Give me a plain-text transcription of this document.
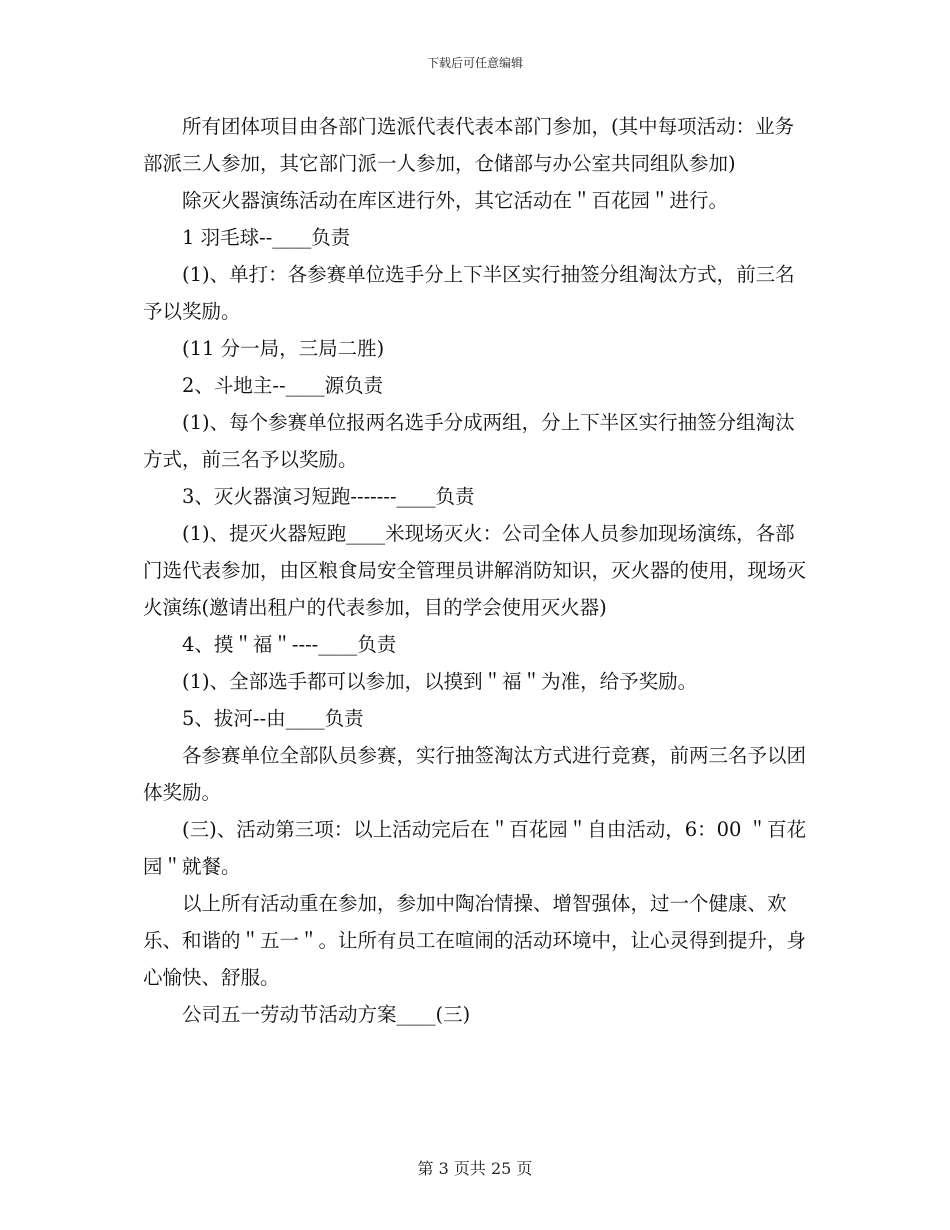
下载后可任意编辑

所有团体项目由各部门选派代表代表本部门参加，(其中每项活动：业务部派三人参加，其它部门派一人参加，仓储部与办公室共同组队参加)

除灭火器演练活动在库区进行外，其它活动在＂百花园＂进行。

1 羽毛球--____负责

(1)、单打：各参赛单位选手分上下半区实行抽签分组淘汰方式，前三名予以奖励。

(11 分一局，三局二胜)

2、斗地主--____源负责

(1)、每个参赛单位报两名选手分成两组，分上下半区实行抽签分组淘汰方式，前三名予以奖励。

3、灭火器演习短跑-------____负责

(1)、提灭火器短跑____米现场灭火：公司全体人员参加现场演练，各部门选代表参加，由区粮食局安全管理员讲解消防知识，灭火器的使用，现场灭火演练(邀请出租户的代表参加，目的学会使用灭火器)

4、摸＂福＂----____负责

(1)、全部选手都可以参加，以摸到＂福＂为准，给予奖励。

5、拔河--由____负责

各参赛单位全部队员参赛，实行抽签淘汰方式进行竞赛，前两三名予以团体奖励。

(三)、活动第三项：以上活动完后在＂百花园＂自由活动，6：00 ＂百花园＂就餐。

以上所有活动重在参加，参加中陶冶情操、增智强体，过一个健康、欢乐、和谐的＂五一＂。让所有员工在喧闹的活动环境中，让心灵得到提升，身心愉快、舒服。

公司五一劳动节活动方案____(三)

第 3 页共 25 页
